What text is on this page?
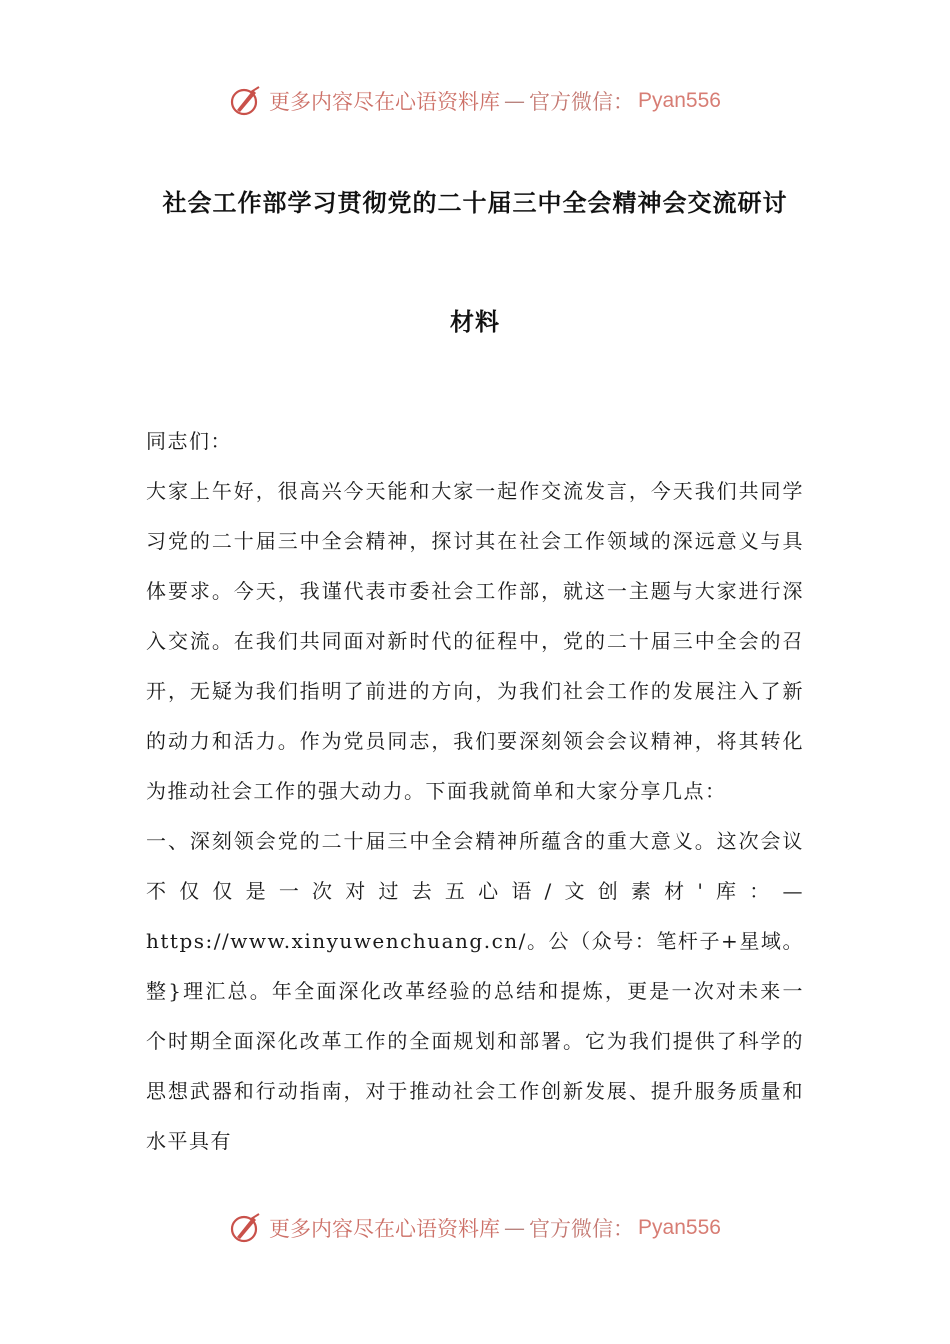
更多内容尽在心语资料库 — 官方微信： Pyan556
社会工作部学习贯彻党的二十届三中全会精神会交流研讨
材料

同志们：

大家上午好，很高兴今天能和大家一起作交流发言，今天我们共同学习党的二十届三中全会精神，探讨其在社会工作领域的深远意义与具体要求。今天，我谨代表市委社会工作部，就这一主题与大家进行深入交流。在我们共同面对新时代的征程中，党的二十届三中全会的召开，无疑为我们指明了前进的方向，为我们社会工作的发展注入了新的动力和活力。作为党员同志，我们要深刻领会会议精神，将其转化为推动社会工作的强大动力。下面我就简单和大家分享几点：

一、深刻领会党的二十届三中全会精神所蕴含的重大意义。这次会议不仅仅是一次对过去五心语/文创素材'库：—https://www.xinyuwenchuang.cn/。公（众号：笔杆子+星域。整}理汇总。年全面深化改革经验的总结和提炼，更是一次对未来一个时期全面深化改革工作的全面规划和部署。它为我们提供了科学的思想武器和行动指南，对于推动社会工作创新发展、提升服务质量和水平具有

更多内容尽在心语资料库 — 官方微信： Pyan556
